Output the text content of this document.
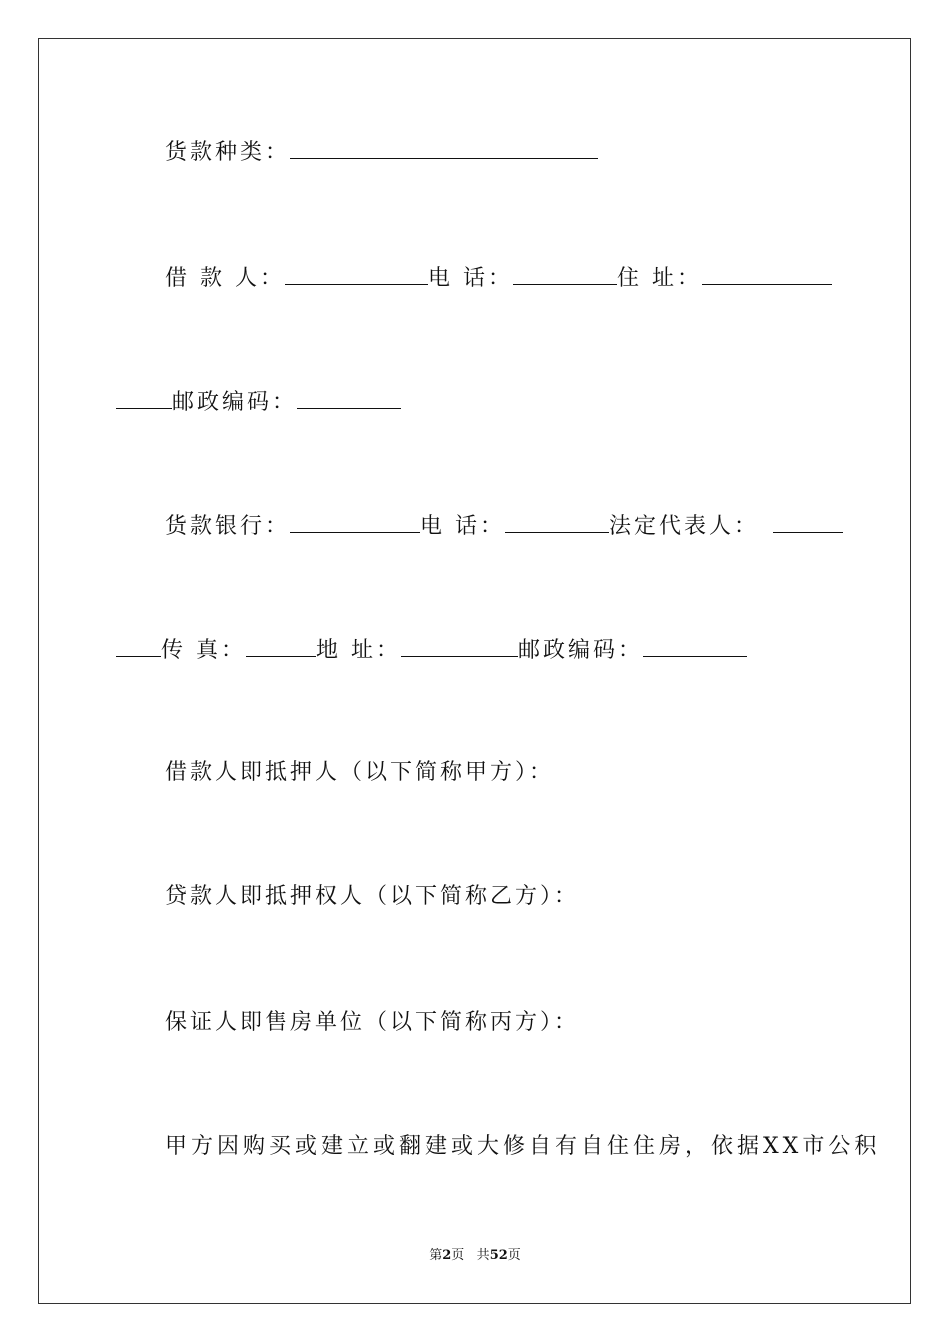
货款种类：
借 款 人：	电 话：	住 址：
邮政编码：
货款银行：	电 话：	法定代表人：
传 真：	地 址：	邮政编码：
借款人即抵押人（以下简称甲方）：
贷款人即抵押权人（以下简称乙方）：
保证人即售房单位（以下简称丙方）：
甲方因购买或建立或翻建或大修自有自住住房，依据XX市公积
第2页 共52页
